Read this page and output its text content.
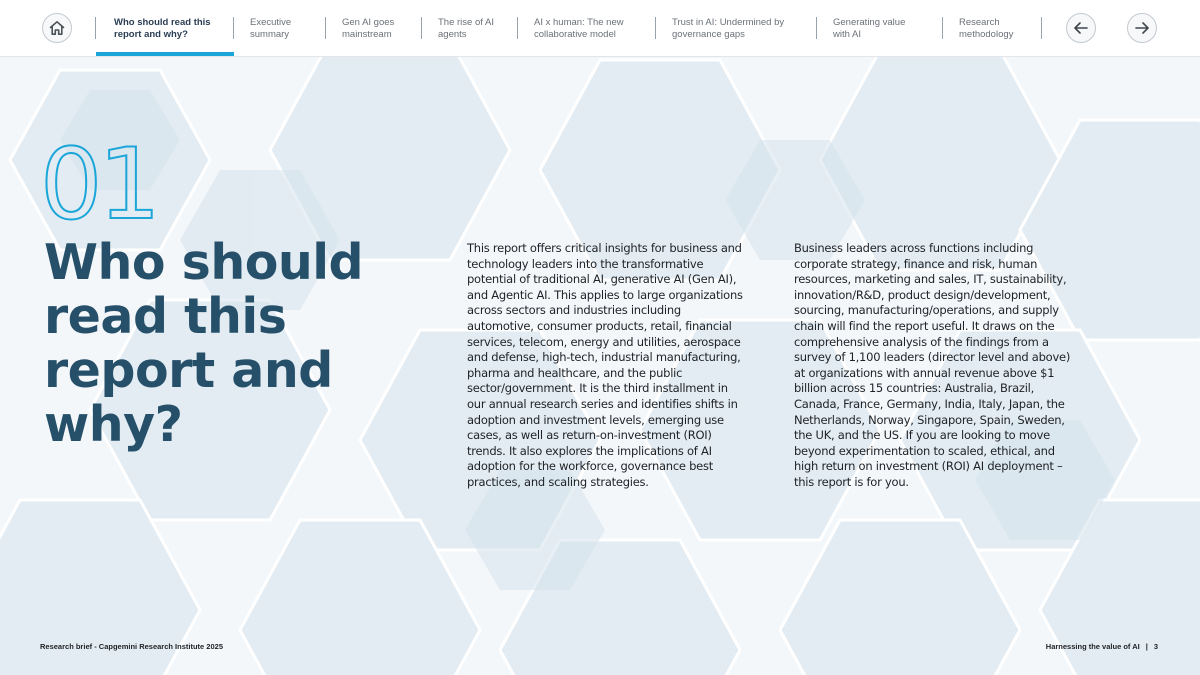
Who should read this report and why?
Executive summary
Gen AI goes mainstream
The rise of AI agents
AI x human: The new collaborative model
Trust in AI: Undermined by governance gaps
Generating value with AI
Research methodology
01
Who should read this report and why?

This report offers critical insights for business and technology leaders into the transformative potential of traditional AI, generative AI (Gen AI), and Agentic AI. This applies to large organizations across sectors and industries including automotive, consumer products, retail, financial services, telecom, energy and utilities, aerospace and defense, high-tech, industrial manufacturing, pharma and healthcare, and the public sector/government. It is the third installment in our annual research series and identifies shifts in adoption and investment levels, emerging use cases, as well as return-on-investment (ROI) trends. It also explores the implications of AI adoption for the workforce, governance best practices, and scaling strategies.

Business leaders across functions including corporate strategy, finance and risk, human resources, marketing and sales, IT, sustainability, innovation/R&D, product design/development, sourcing, manufacturing/operations, and supply chain will find the report useful. It draws on the comprehensive analysis of the findings from a survey of 1,100 leaders (director level and above) at organizations with annual revenue above $1 billion across 15 countries: Australia, Brazil, Canada, France, Germany, India, Italy, Japan, the Netherlands, Norway, Singapore, Spain, Sweden, the UK, and the US. If you are looking to move beyond experimentation to scaled, ethical, and high return on investment (ROI) AI deployment – this report is for you.

Research brief - Capgemini Research Institute 2025	Harnessing the value of AI | 3
